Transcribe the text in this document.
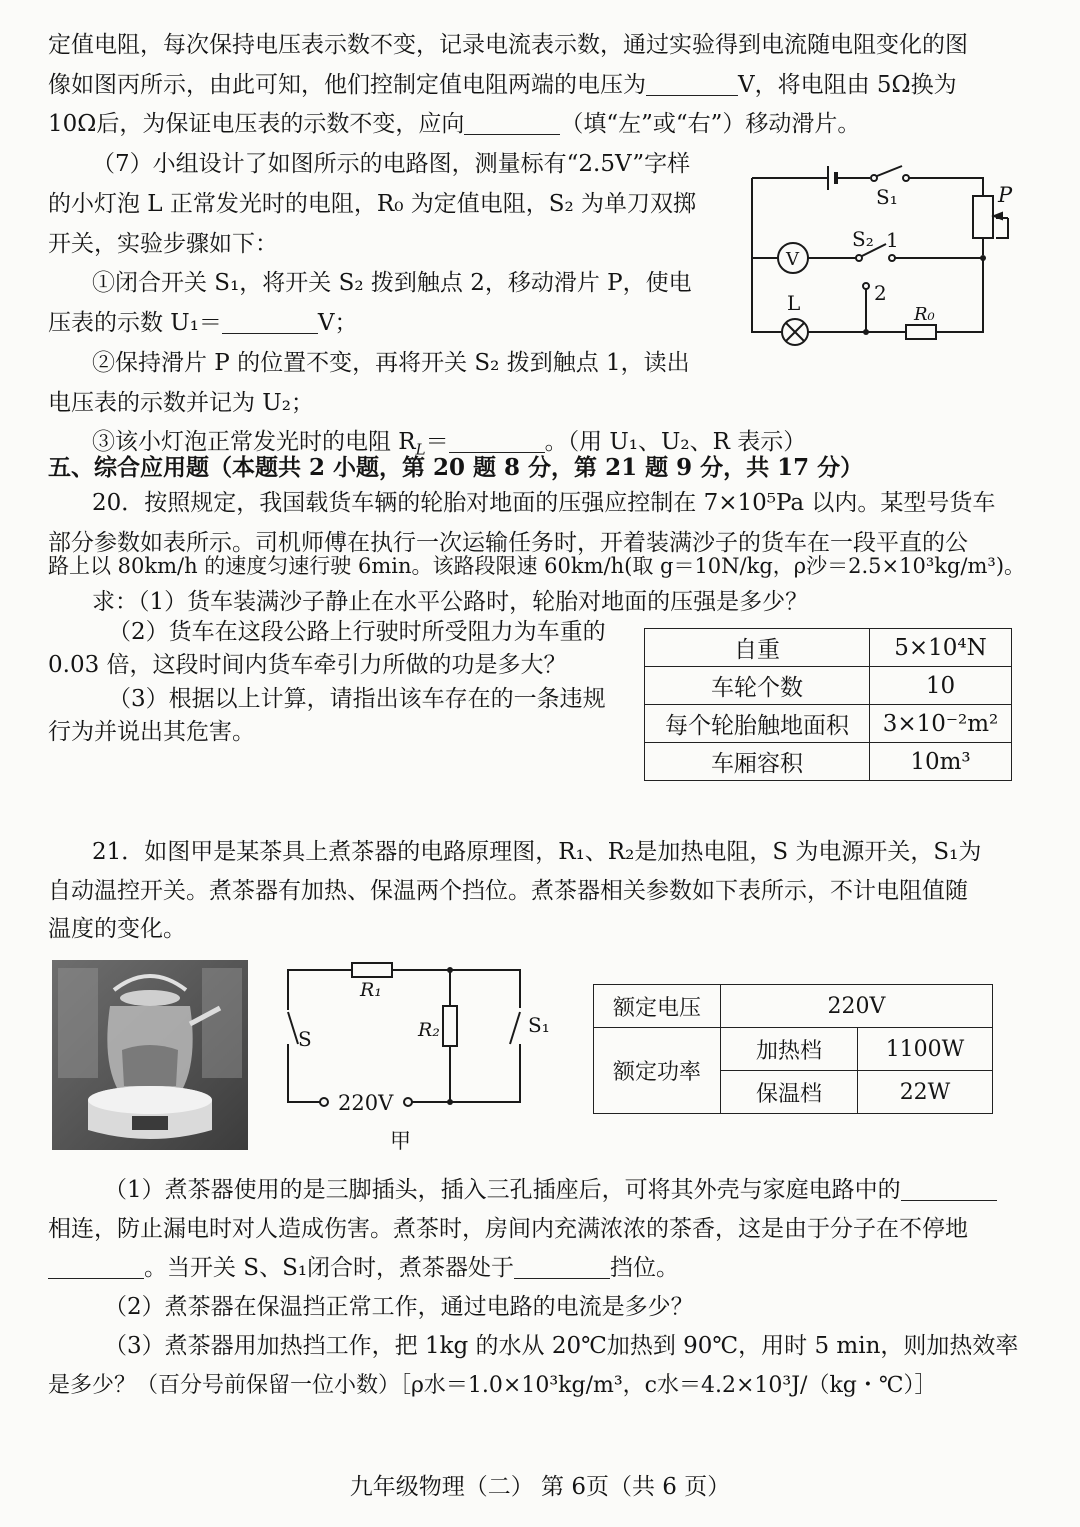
定值电阻，每次保持电压表示数不变，记录电流表示数，通过实验得到电流随电阻变化的图
像如图丙所示，由此可知，他们控制定值电阻两端的电压为	V，将电阻由 5Ω换为
10Ω后，为保证电压表的示数不变，应向	（填“左”或“右”）移动滑片。
（7）小组设计了如图所示的电路图，测量标有“2.5V”字样
的小灯泡 L 正常发光时的电阻，R₀ 为定值电阻，S₂ 为单刀双掷
开关，实验步骤如下：
①闭合开关 S₁，将开关 S₂ 拨到触点 2，移动滑片 P，使电
压表的示数 U₁＝	V；
②保持滑片 P 的位置不变，再将开关 S₂ 拨到触点 1，读出
电压表的示数并记为 U₂；
③该小灯泡正常发光时的电阻 $R_L=$	。（用 U₁、U₂、R 表示）
S₁	P
S₂ 1
V
2
L	R₀
五、综合应用题（本题共 2 小题，第 20 题 8 分，第 21 题 9 分，共 17 分）
20．按照规定，我国载货车辆的轮胎对地面的压强应控制在 7×10⁵Pa 以内。某型号货车
部分参数如表所示。司机师傅在执行一次运输任务时，开着装满沙子的货车在一段平直的公
路上以 80km/h 的速度匀速行驶 6min。该路段限速 60km/h(取 g＝10N/kg，ρ沙＝2.5×10³kg/m³)。
求：（1）货车装满沙子静止在水平公路时，轮胎对地面的压强是多少？
（2）货车在这段公路上行驶时所受阻力为车重的
0.03 倍，这段时间内货车牵引力所做的功是多大？
（3）根据以上计算，请指出该车存在的一条违规
行为并说出其危害。
自重	5×10⁴N
车轮个数	10
每个轮胎触地面积	3×10⁻²m²
车厢容积	10m³
21．如图甲是某茶具上煮茶器的电路原理图，R₁、R₂是加热电阻，S 为电源开关，S₁为
自动温控开关。煮茶器有加热、保温两个挡位。煮茶器相关参数如下表所示，不计电阻值随
温度的变化。
R₁
R₂
S
S₁
220V
甲
额定电压	220V	
额定功率	加热档	1100W
	保温档	22W
（1）煮茶器使用的是三脚插头，插入三孔插座后，可将其外壳与家庭电路中的
相连，防止漏电时对人造成伤害。煮茶时，房间内充满浓浓的茶香，这是由于分子在不停地
。当开关 S、S₁闭合时，煮茶器处于	挡位。
（2）煮茶器在保温挡正常工作，通过电路的电流是多少？
（3）煮茶器用加热挡工作，把 1kg 的水从 20℃加热到 90℃，用时 5 min，则加热效率
是多少？（百分号前保留一位小数）［ρ水＝1.0×10³kg/m³，c水＝4.2×10³J/（kg・℃）］
九年级物理（二） 第 6页（共 6 页）
